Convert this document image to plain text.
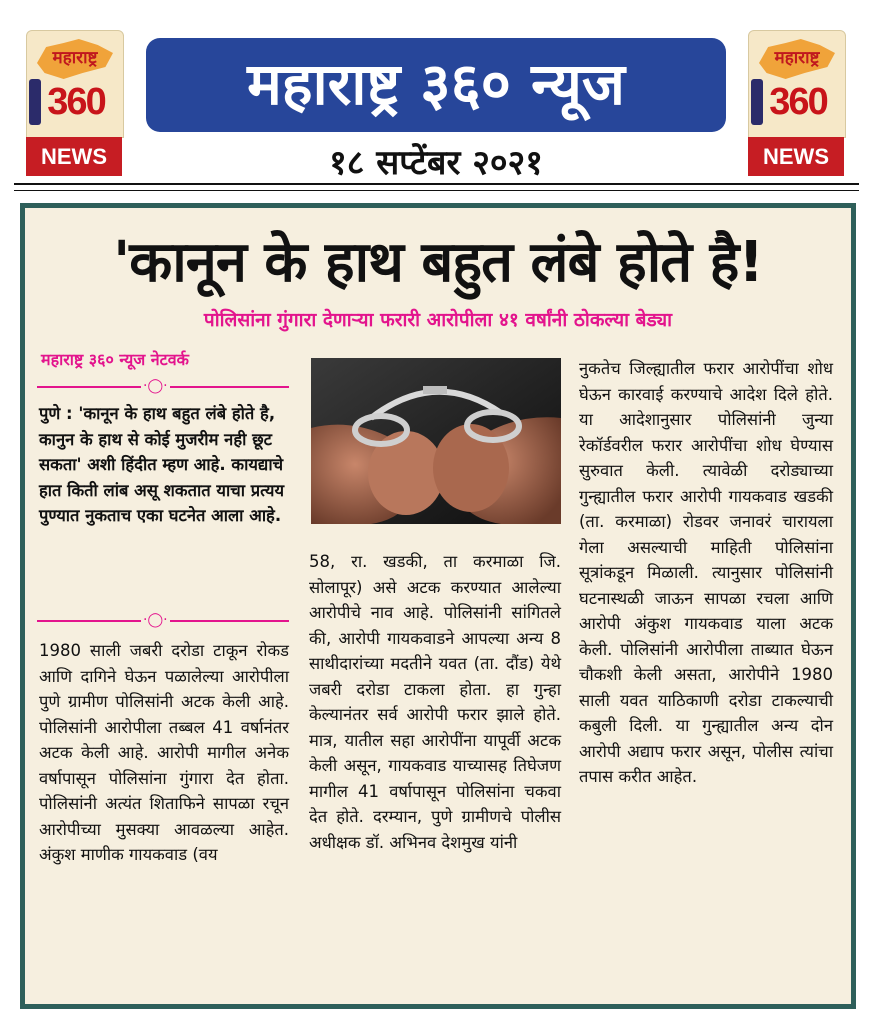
महाराष्ट्र
360
NEWS
महाराष्ट्र
360
NEWS
महाराष्ट्र ३६० न्यूज
१८ सप्टेंबर २०२१
'कानून के हाथ बहुत लंबे होते है!
पोलिसांना गुंगारा देणाऱ्या फरारी आरोपीला ४१ वर्षांनी ठोकल्या बेड्या
महाराष्ट्र ३६० न्यूज नेटवर्क
·◯·

पुणे : 'कानून के हाथ बहुत लंबे होते है, कानुन के हाथ से कोई मुजरीम नही छूट सकता' अशी हिंदीत म्हण आहे. कायद्याचे हात किती लांब असू शकतात याचा प्रत्यय पुण्यात नुकताच एका घटनेत आला आहे.

·◯·

1980 साली जबरी दरोडा टाकून रोकड आणि दागिने घेऊन पळालेल्या आरोपीला पुणे ग्रामीण पोलिसांनी अटक केली आहे. पोलिसांनी आरोपीला तब्बल 41 वर्षानंतर अटक केली आहे. आरोपी मागील अनेक वर्षापासून पोलिसांना गुंगारा देत होता. पोलिसांनी अत्यंत शिताफिने सापळा रचून आरोपीच्या मुसक्या आवळल्या आहेत. अंकुश माणीक गायकवाड (वय

58, रा. खडकी, ता करमाळा जि. सोलापूर) असे अटक करण्यात आलेल्या आरोपीचे नाव आहे. पोलिसांनी सांगितले की, आरोपी गायकवाडने आपल्या अन्य 8 साथीदारांच्या मदतीने यवत (ता. दौंड) येथे जबरी दरोडा टाकला होता. हा गुन्हा केल्यानंतर सर्व आरोपी फरार झाले होते. मात्र, यातील सहा आरोपींना यापूर्वी अटक केली असून, गायकवाड याच्यासह तिघेजण मागील 41 वर्षापासून पोलिसांना चकवा देत होते. दरम्यान, पुणे ग्रामीणचे पोलीस अधीक्षक डॉ. अभिनव देशमुख यांनी

नुकतेच जिल्ह्यातील फरार आरोपींचा शोध घेऊन कारवाई करण्याचे आदेश दिले होते. या आदेशानुसार पोलिसांनी जुन्या रेकॉर्डवरील फरार आरोपींचा शोध घेण्यास सुरुवात केली. त्यावेळी दरोड्याच्या गुन्ह्यातील फरार आरोपी गायकवाड खडकी (ता. करमाळा) रोडवर जनावरं चारायला गेला असल्याची माहिती पोलिसांना सूत्रांकडून मिळाली. त्यानुसार पोलिसांनी घटनास्थळी जाऊन सापळा रचला आणि आरोपी अंकुश गायकवाड याला अटक केली. पोलिसांनी आरोपीला ताब्यात घेऊन चौकशी केली असता, आरोपीने 1980 साली यवत याठिकाणी दरोडा टाकल्याची कबुली दिली. या गुन्ह्यातील अन्य दोन आरोपी अद्याप फरार असून, पोलीस त्यांचा तपास करीत आहेत.
